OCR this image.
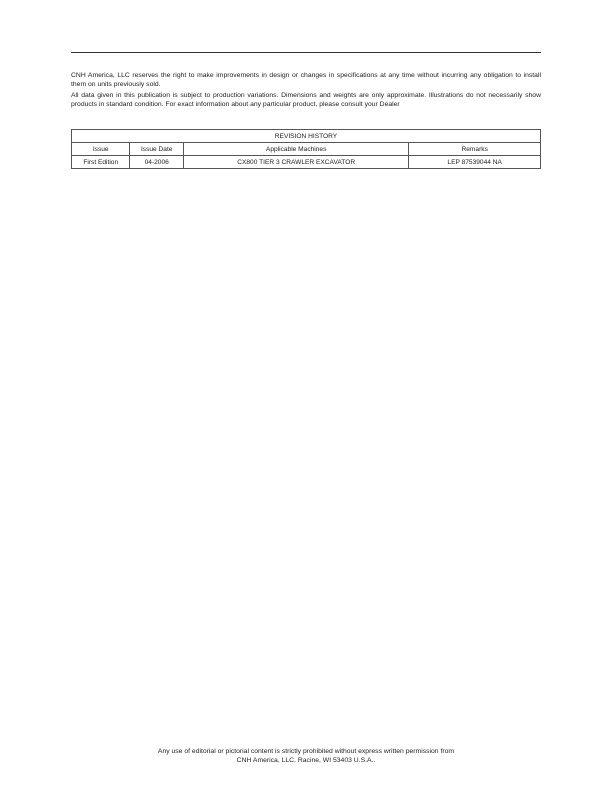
CNH America, LLC reserves the right to make improvements in design or changes in specifications at any time without incurring any obligation to install them on units previously sold.

All data given in this publication is subject to production variations. Dimensions and weights are only approximate. Illustrations do not necessarily show products in standard condition. For exact information about any particular product, please consult your Dealer

REVISION HISTORY			
Issue	Issue Date	Applicable Machines	Remarks
First Edition	04-2006	CX800 TIER 3 CRAWLER EXCAVATOR	LEP 87539044 NA
Any use of editorial or pictorial content is strictly prohibited without express written permission from
CNH America, LLC. Racine, WI 53403 U.S.A..
